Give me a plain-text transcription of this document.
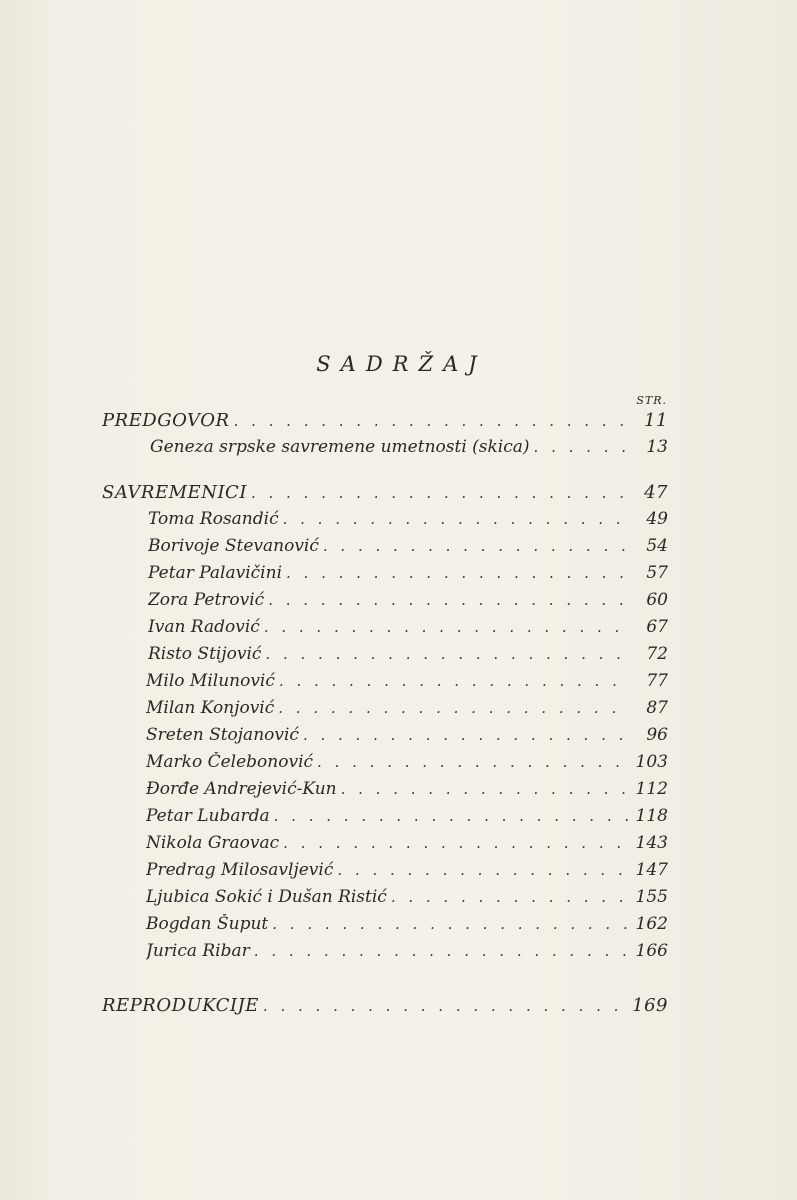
SADRŽAJ
STR.
PREDGOVOR . . .	11
Geneza srpske savremene umetnosti (skica) . . .	13
SAVREMENICI . . .	47
Toma Rosandić . . .	49
Borivoje Stevanović . . .	54
Petar Palavičini . . .	57
Zora Petrović . . .	60
Ivan Radović . . .	67
Risto Stijović . . .	72
Milo Milunović . . .	77
Milan Konjović . . .	87
Sreten Stojanović . . .	96
Marko Čelebonović . . .	103
Đorđe Andrejević-Kun . . .	112
Petar Lubarda . . .	118
Nikola Graovac . . .	143
Predrag Milosavljević . . .	147
Ljubica Sokić i Dušan Ristić . . .	155
Bogdan Šuput . . .	162
Jurica Ribar . . .	166
REPRODUKCIJE . . .	169
